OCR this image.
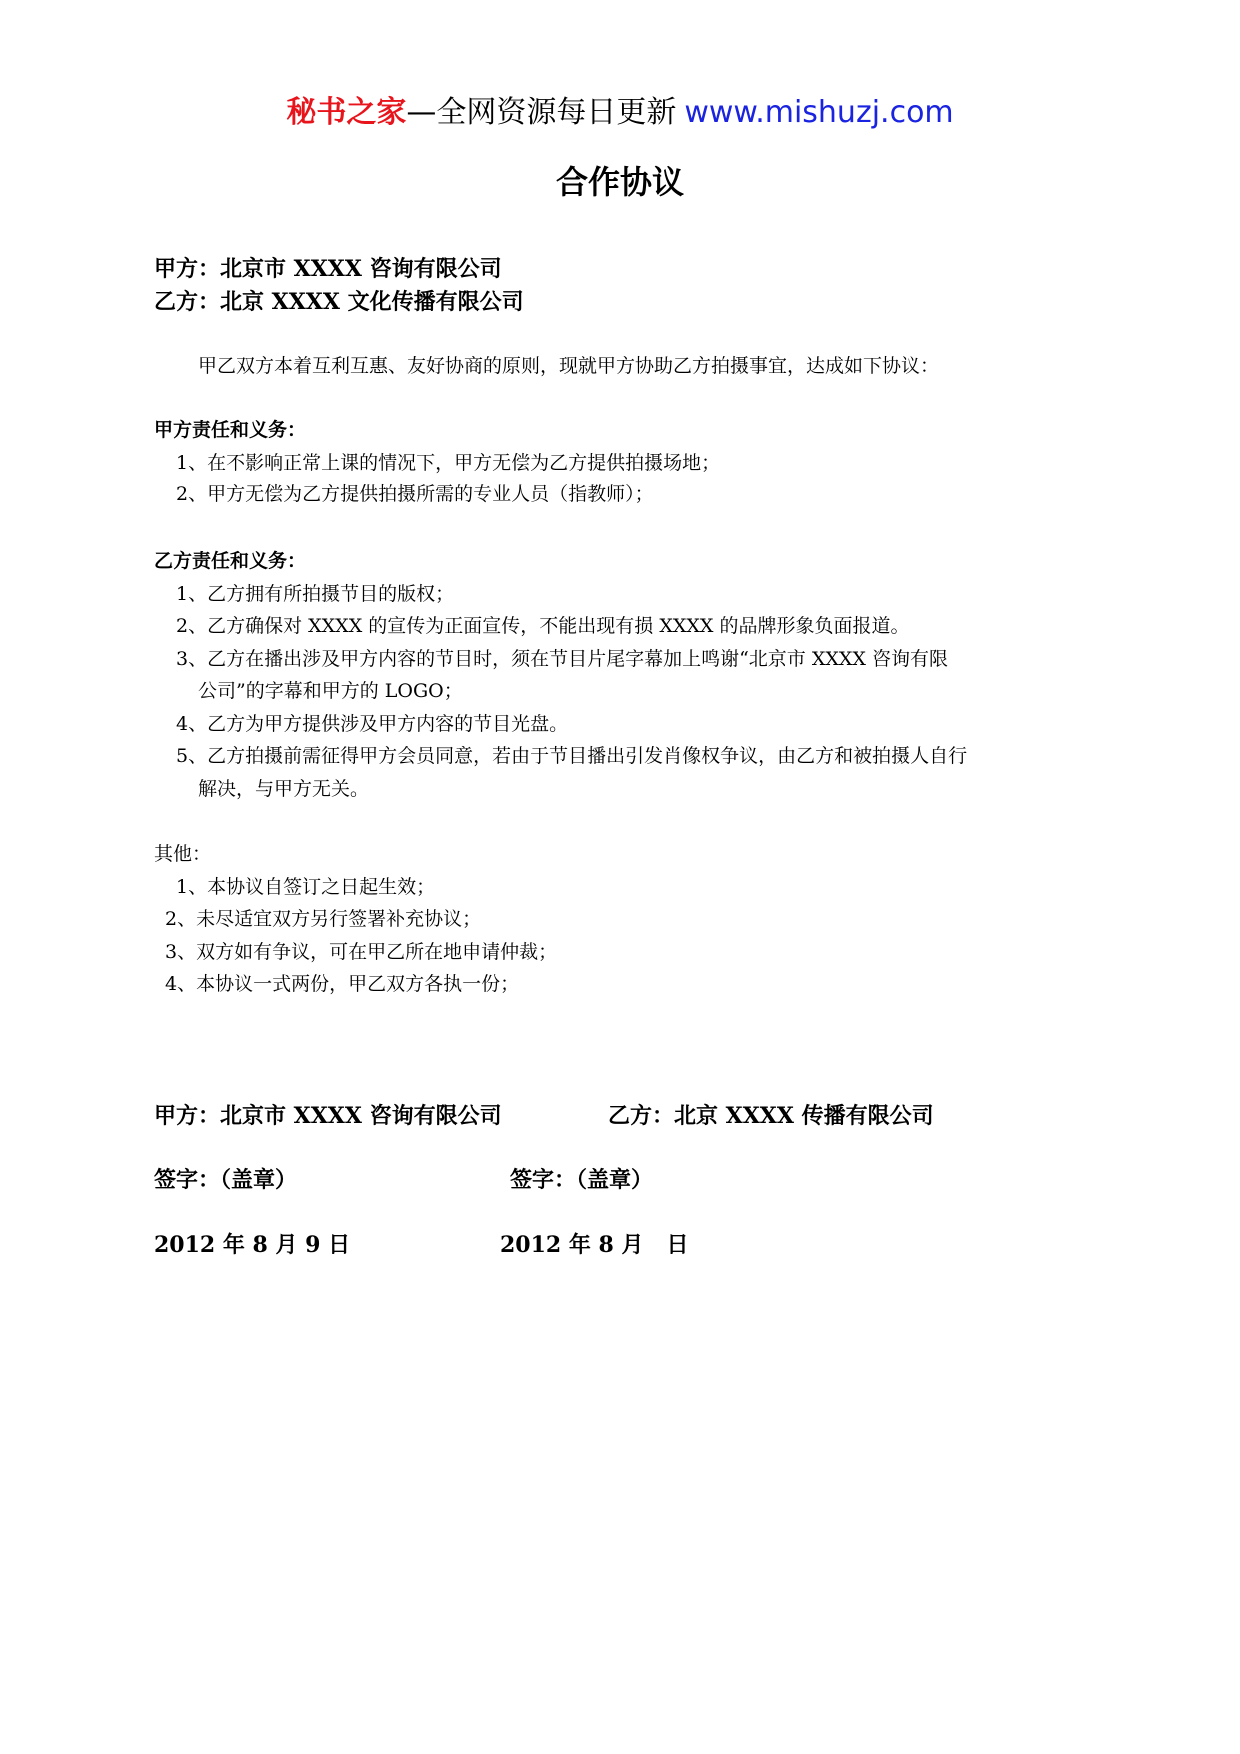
秘书之家—全网资源每日更新 www.mishuzj.com
合作协议
甲方：北京市 XXXX 咨询有限公司
乙方：北京 XXXX 文化传播有限公司
甲乙双方本着互利互惠、友好协商的原则，现就甲方协助乙方拍摄事宜，达成如下协议：
甲方责任和义务：
1、在不影响正常上课的情况下，甲方无偿为乙方提供拍摄场地；
2、甲方无偿为乙方提供拍摄所需的专业人员（指教师）；
乙方责任和义务：
1、乙方拥有所拍摄节目的版权；
2、乙方确保对 XXXX 的宣传为正面宣传，不能出现有损 XXXX 的品牌形象负面报道。
3、乙方在播出涉及甲方内容的节目时，须在节目片尾字幕加上鸣谢“北京市 XXXX 咨询有限
公司”的字幕和甲方的 LOGO；
4、乙方为甲方提供涉及甲方内容的节目光盘。
5、乙方拍摄前需征得甲方会员同意，若由于节目播出引发肖像权争议，由乙方和被拍摄人自行
解决，与甲方无关。
其他：
1、本协议自签订之日起生效；
2、未尽适宜双方另行签署补充协议；
3、双方如有争议，可在甲乙所在地申请仲裁；
4、本协议一式两份，甲乙双方各执一份；
甲方：北京市 XXXX 咨询有限公司	乙方：北京 XXXX 传播有限公司
签字：（盖章）	签字：（盖章）
2012 年 8 月 9 日	2012 年 8 月   日
